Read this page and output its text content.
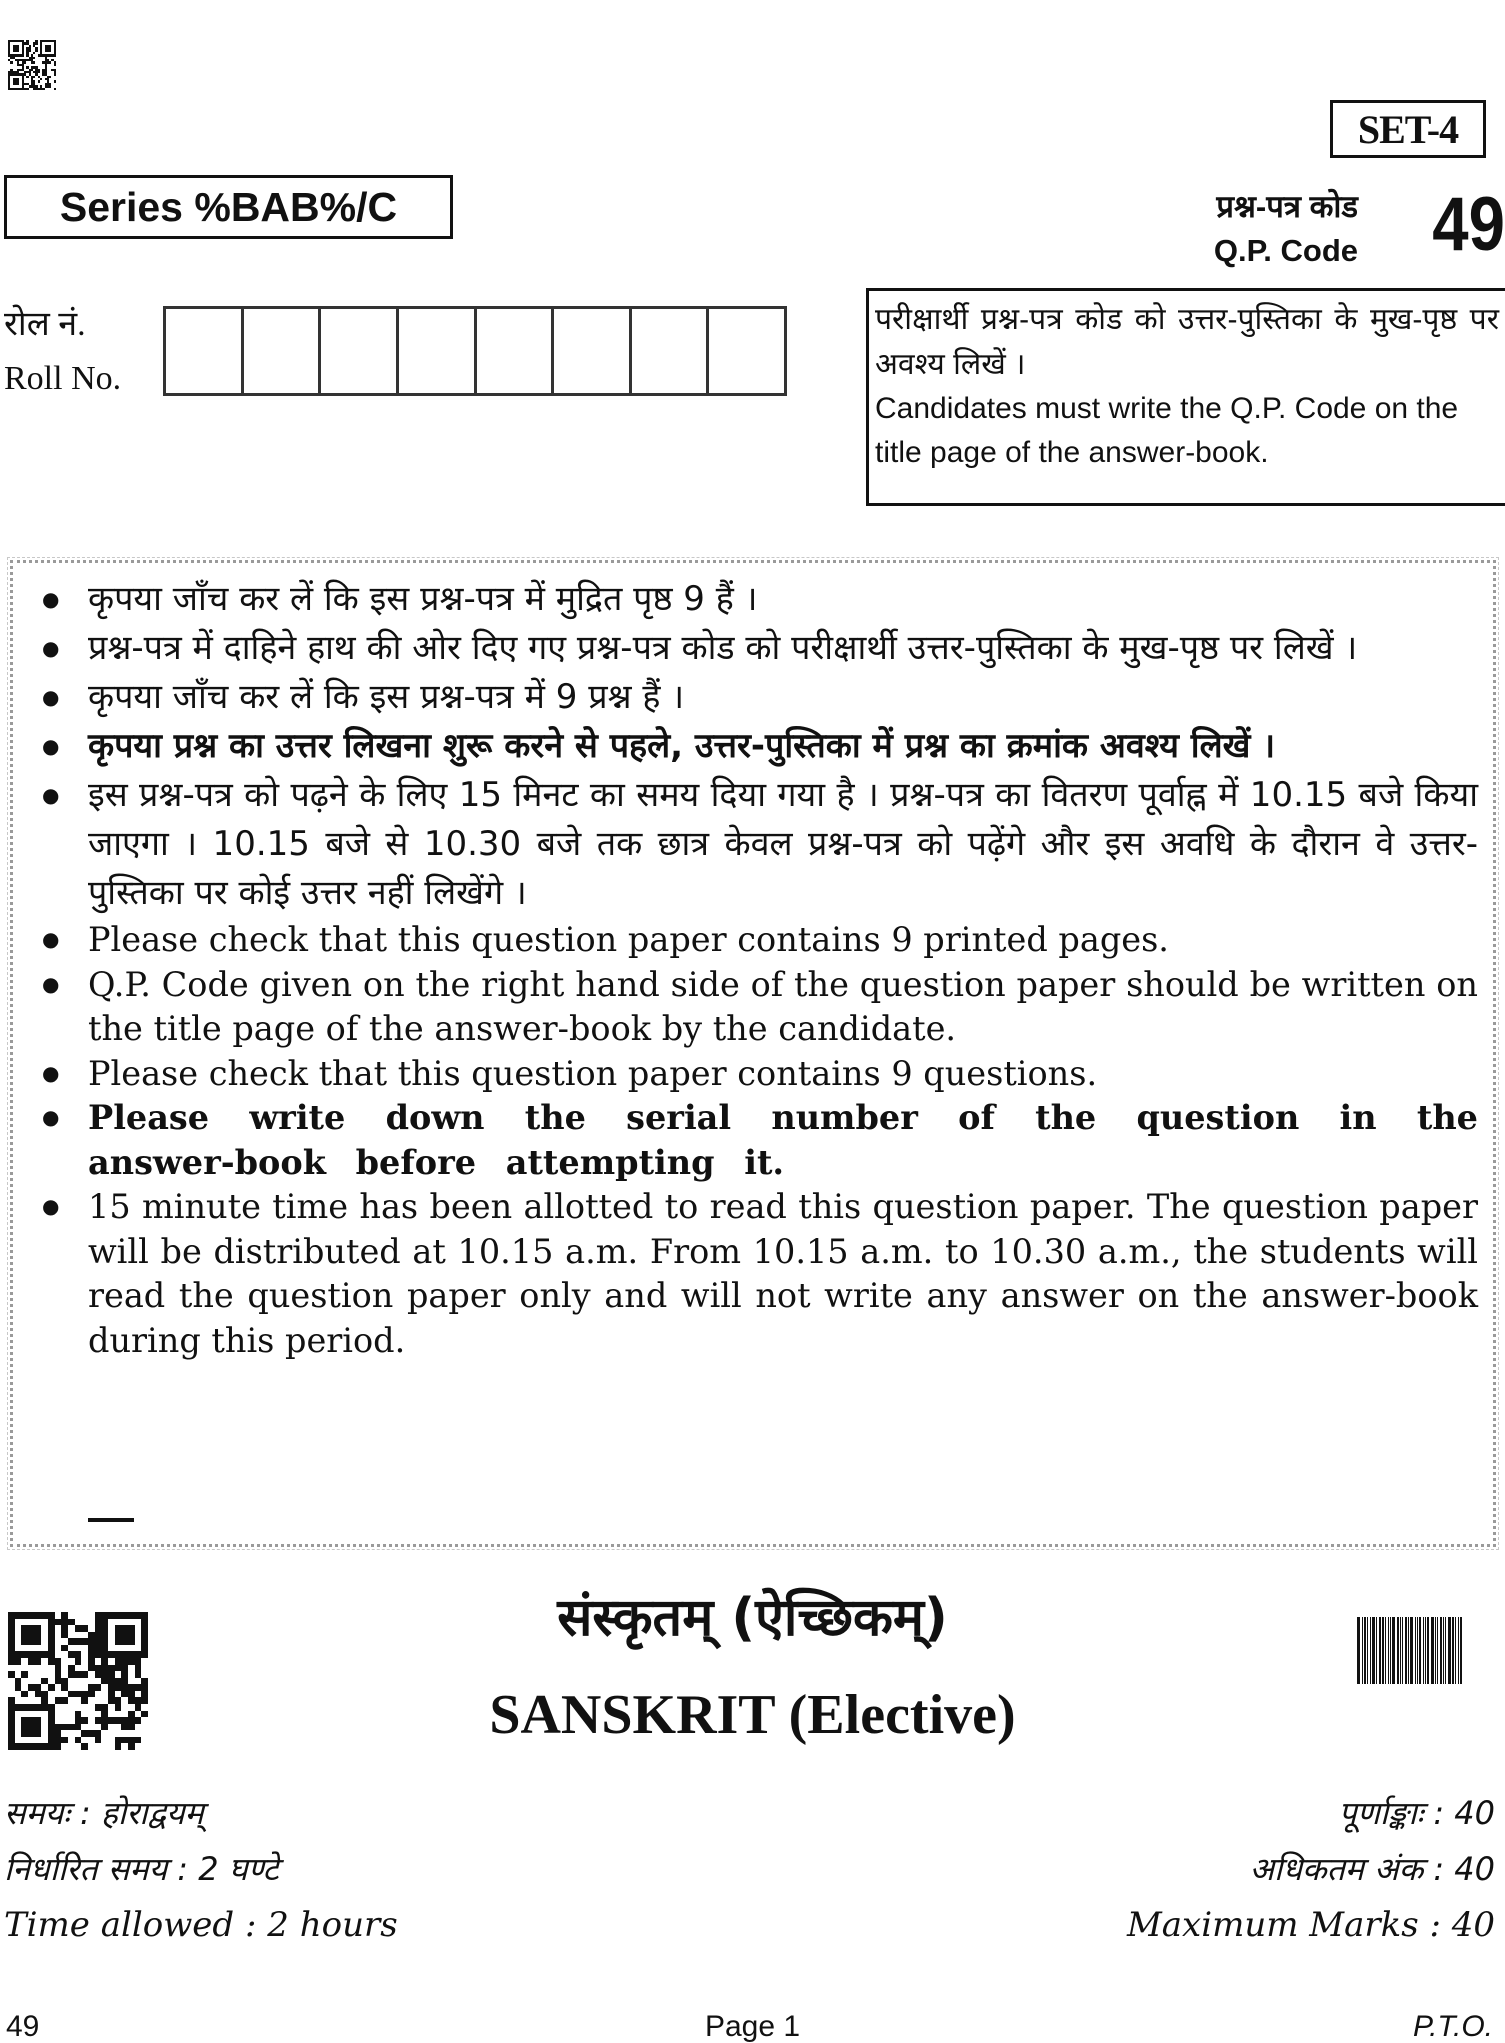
SET-4
Series %BAB%/C	प्रश्न-पत्र कोड
Q.P. Code 49
रोल नं.
Roll No.
परीक्षार्थी प्रश्न-पत्र कोड को उत्तर-पुस्तिका के मुख-पृष्ठ पर अवश्य लिखें ।
Candidates must write the Q.P. Code on the title page of the answer-book.
● कृपया जाँच कर लें कि इस प्रश्न-पत्र में मुद्रित पृष्ठ 9 हैं ।
● प्रश्न-पत्र में दाहिने हाथ की ओर दिए गए प्रश्न-पत्र कोड को परीक्षार्थी उत्तर-पुस्तिका के मुख-पृष्ठ पर लिखें ।
● कृपया जाँच कर लें कि इस प्रश्न-पत्र में 9 प्रश्न हैं ।
● कृपया प्रश्न का उत्तर लिखना शुरू करने से पहले, उत्तर-पुस्तिका में प्रश्न का क्रमांक अवश्य लिखें ।
● इस प्रश्न-पत्र को पढ़ने के लिए 15 मिनट का समय दिया गया है । प्रश्न-पत्र का वितरण पूर्वाह्न में 10.15 बजे किया जाएगा । 10.15 बजे से 10.30 बजे तक छात्र केवल प्रश्न-पत्र को पढ़ेंगे और इस अवधि के दौरान वे उत्तर-पुस्तिका पर कोई उत्तर नहीं लिखेंगे ।
● Please check that this question paper contains 9 printed pages.
● Q.P. Code given on the right hand side of the question paper should be written on the title page of the answer-book by the candidate.
● Please check that this question paper contains 9 questions.
● Please write down the serial number of the question in the answer-book before attempting it.
● 15 minute time has been allotted to read this question paper. The question paper will be distributed at 10.15 a.m. From 10.15 a.m. to 10.30 a.m., the students will read the question paper only and will not write any answer on the answer-book during this period.
संस्कृतम् (ऐच्छिकम्)
SANSKRIT (Elective)
समयः : होराद्वयम्
निर्धारित समय : 2 घण्टे
Time allowed : 2 hours
पूर्णाङ्काः : 40
अधिकतम अंक : 40
Maximum Marks : 40
49	Page 1	P.T.O.
